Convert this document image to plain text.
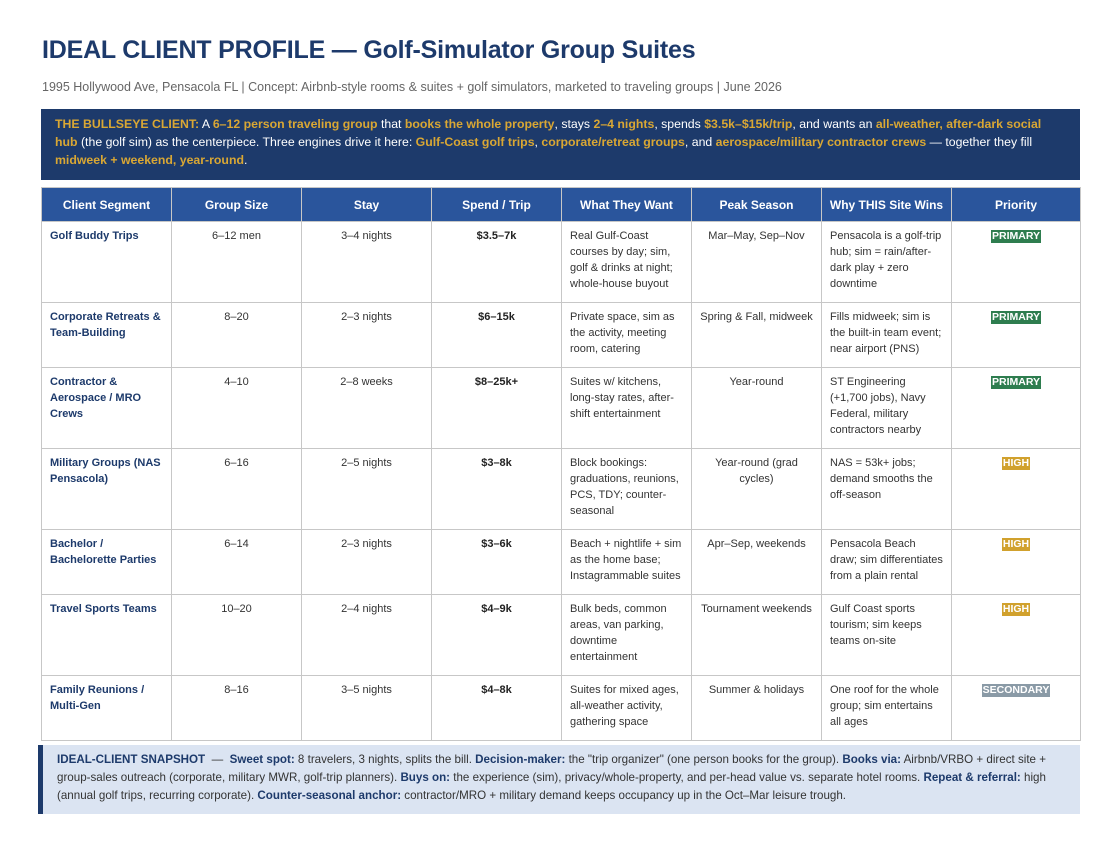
IDEAL CLIENT PROFILE — Golf-Simulator Group Suites
1995 Hollywood Ave, Pensacola FL | Concept: Airbnb-style rooms & suites + golf simulators, marketed to traveling groups | June 2026
THE BULLSEYE CLIENT: A 6–12 person traveling group that books the whole property, stays 2–4 nights, spends $3.5k–$15k/trip, and wants an all-weather, after-dark social hub (the golf sim) as the centerpiece. Three engines drive it here: Gulf-Coast golf trips, corporate/retreat groups, and aerospace/military contractor crews — together they fill midweek + weekend, year-round.
Client Segment	Group Size	Stay	Spend / Trip	What They Want	Peak Season	Why THIS Site Wins	Priority
Golf Buddy Trips	6–12 men	3–4 nights	$3.5–7k	Real Gulf-Coast courses by day; sim, golf & drinks at night; whole-house buyout	Mar–May, Sep–Nov	Pensacola is a golf-trip hub; sim = rain/after-dark play + zero downtime	PRIMARY
Corporate Retreats & Team-Building	8–20	2–3 nights	$6–15k	Private space, sim as the activity, meeting room, catering	Spring & Fall, midweek	Fills midweek; sim is the built-in team event; near airport (PNS)	PRIMARY
Contractor & Aerospace / MRO Crews	4–10	2–8 weeks	$8–25k+	Suites w/ kitchens, long-stay rates, after-shift entertainment	Year-round	ST Engineering (+1,700 jobs), Navy Federal, military contractors nearby	PRIMARY
Military Groups (NAS Pensacola)	6–16	2–5 nights	$3–8k	Block bookings: graduations, reunions, PCS, TDY; counter-seasonal	Year-round (grad cycles)	NAS = 53k+ jobs; demand smooths the off-season	HIGH
Bachelor / Bachelorette Parties	6–14	2–3 nights	$3–6k	Beach + nightlife + sim as the home base; Instagrammable suites	Apr–Sep, weekends	Pensacola Beach draw; sim differentiates from a plain rental	HIGH
Travel Sports Teams	10–20	2–4 nights	$4–9k	Bulk beds, common areas, van parking, downtime entertainment	Tournament weekends	Gulf Coast sports tourism; sim keeps teams on-site	HIGH
Family Reunions / Multi-Gen	8–16	3–5 nights	$4–8k	Suites for mixed ages, all-weather activity, gathering space	Summer & holidays	One roof for the whole group; sim entertains all ages	SECONDARY
IDEAL-CLIENT SNAPSHOT  —  Sweet spot: 8 travelers, 3 nights, splits the bill. Decision-maker: the "trip organizer" (one person books for the group). Books via: Airbnb/VRBO + direct site + group-sales outreach (corporate, military MWR, golf-trip planners). Buys on: the experience (sim), privacy/whole-property, and per-head value vs. separate hotel rooms. Repeat & referral: high (annual golf trips, recurring corporate). Counter-seasonal anchor: contractor/MRO + military demand keeps occupancy up in the Oct–Mar leisure trough.
